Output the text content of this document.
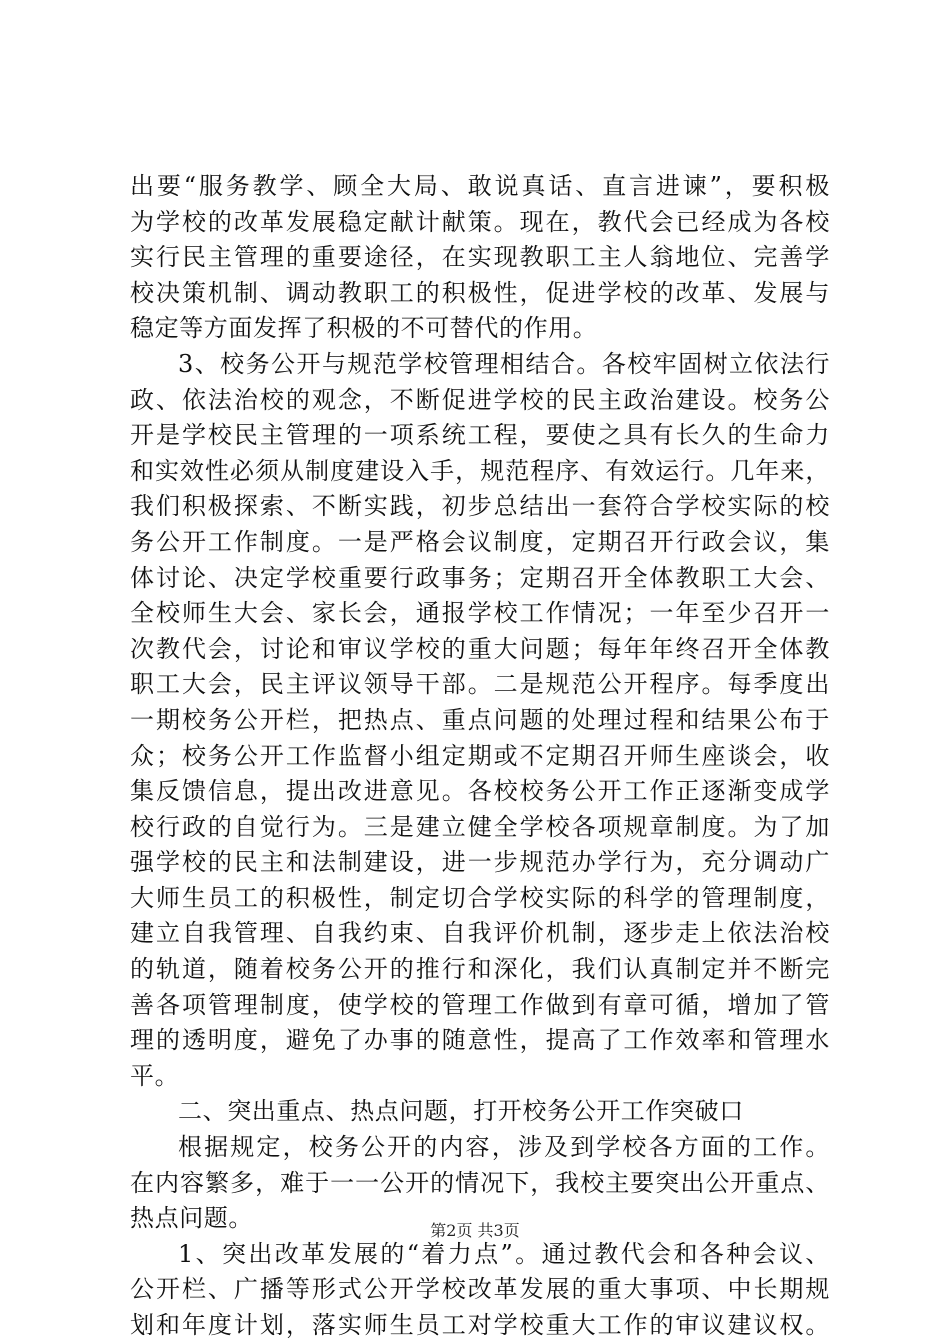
出要“服务教学、顾全大局、敢说真话、直言进谏”，要积极
为学校的改革发展稳定献计献策。现在，教代会已经成为各校
实行民主管理的重要途径，在实现教职工主人翁地位、完善学
校决策机制、调动教职工的积极性，促进学校的改革、发展与
稳定等方面发挥了积极的不可替代的作用。
3、校务公开与规范学校管理相结合。各校牢固树立依法行
政、依法治校的观念，不断促进学校的民主政治建设。校务公
开是学校民主管理的一项系统工程，要使之具有长久的生命力
和实效性必须从制度建设入手，规范程序、有效运行。几年来，
我们积极探索、不断实践，初步总结出一套符合学校实际的校
务公开工作制度。一是严格会议制度，定期召开行政会议，集
体讨论、决定学校重要行政事务；定期召开全体教职工大会、
全校师生大会、家长会，通报学校工作情况；一年至少召开一
次教代会，讨论和审议学校的重大问题；每年年终召开全体教
职工大会，民主评议领导干部。二是规范公开程序。每季度出
一期校务公开栏，把热点、重点问题的处理过程和结果公布于
众；校务公开工作监督小组定期或不定期召开师生座谈会，收
集反馈信息，提出改进意见。各校校务公开工作正逐渐变成学
校行政的自觉行为。三是建立健全学校各项规章制度。为了加
强学校的民主和法制建设，进一步规范办学行为，充分调动广
大师生员工的积极性，制定切合学校实际的科学的管理制度，
建立自我管理、自我约束、自我评价机制，逐步走上依法治校
的轨道，随着校务公开的推行和深化，我们认真制定并不断完
善各项管理制度，使学校的管理工作做到有章可循，增加了管
理的透明度，避免了办事的随意性，提高了工作效率和管理水
平。
二、突出重点、热点问题，打开校务公开工作突破口
根据规定，校务公开的内容，涉及到学校各方面的工作。
在内容繁多，难于一一公开的情况下，我校主要突出公开重点、
热点问题。
1、突出改革发展的“着力点”。通过教代会和各种会议、
公开栏、广播等形式公开学校改革发展的重大事项、中长期规
划和年度计划，落实师生员工对学校重大工作的审议建议权。
第2页 共3页
